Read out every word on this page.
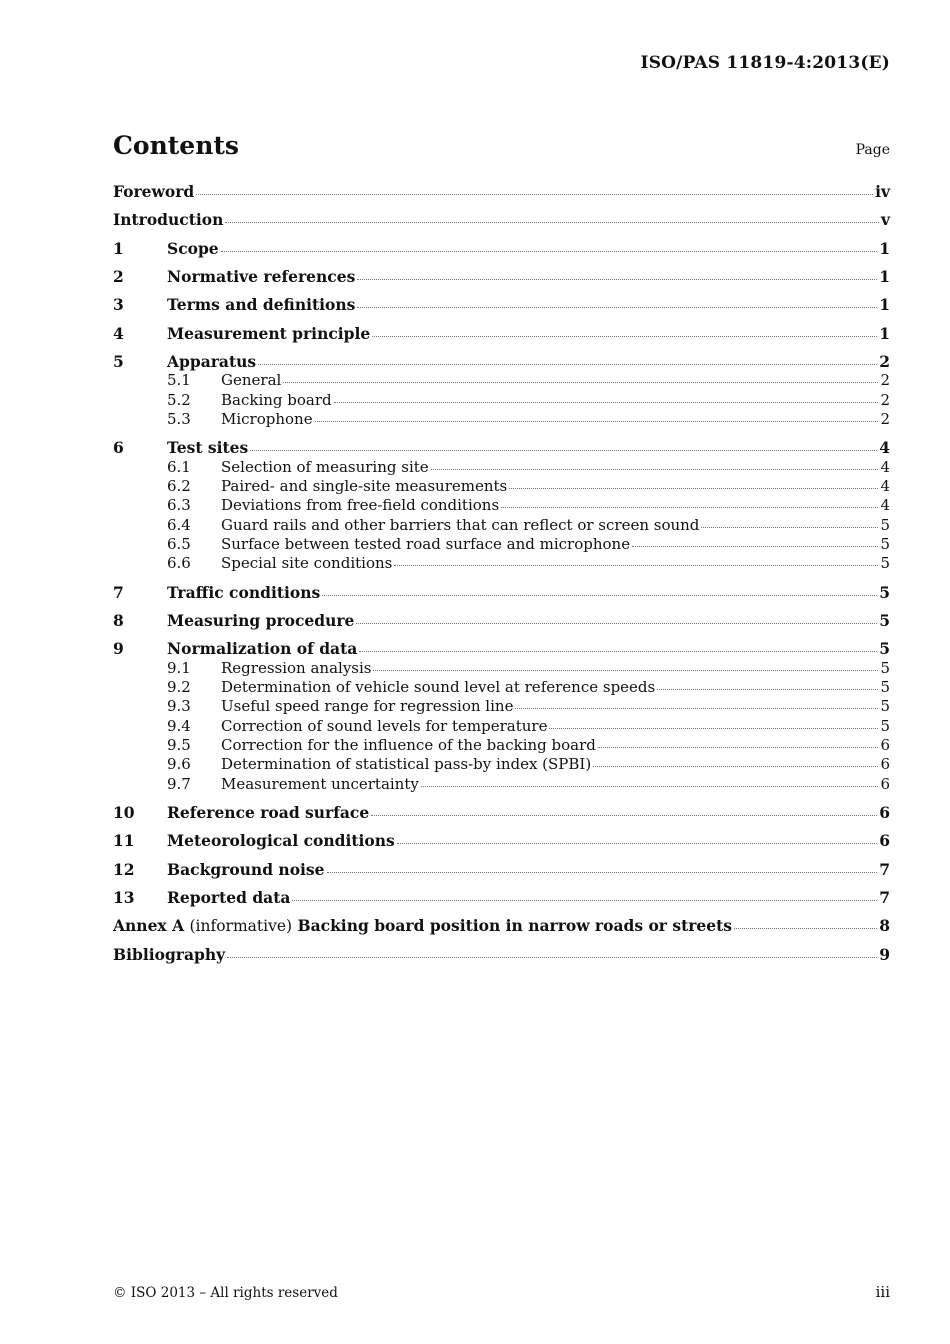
ISO/PAS 11819-4:2013(E)
Contents	Page
Foreword	iv
Introduction	v
1	Scope	1
2	Normative references	1
3	Terms and definitions	1
4	Measurement principle	1
5	Apparatus	2
5.1	General	2
5.2	Backing board	2
5.3	Microphone	2
6	Test sites	4
6.1	Selection of measuring site	4
6.2	Paired- and single-site measurements	4
6.3	Deviations from free-field conditions	4
6.4	Guard rails and other barriers that can reflect or screen sound	5
6.5	Surface between tested road surface and microphone	5
6.6	Special site conditions	5
7	Traffic conditions	5
8	Measuring procedure	5
9	Normalization of data	5
9.1	Regression analysis	5
9.2	Determination of vehicle sound level at reference speeds	5
9.3	Useful speed range for regression line	5
9.4	Correction of sound levels for temperature	5
9.5	Correction for the influence of the backing board	6
9.6	Determination of statistical pass-by index (SPBI)	6
9.7	Measurement uncertainty	6
10	Reference road surface	6
11	Meteorological conditions	6
12	Background noise	7
13	Reported data	7
Annex A (informative) Backing board position in narrow roads or streets	8
Bibliography	9
© ISO 2013 – All rights reserved	iii
